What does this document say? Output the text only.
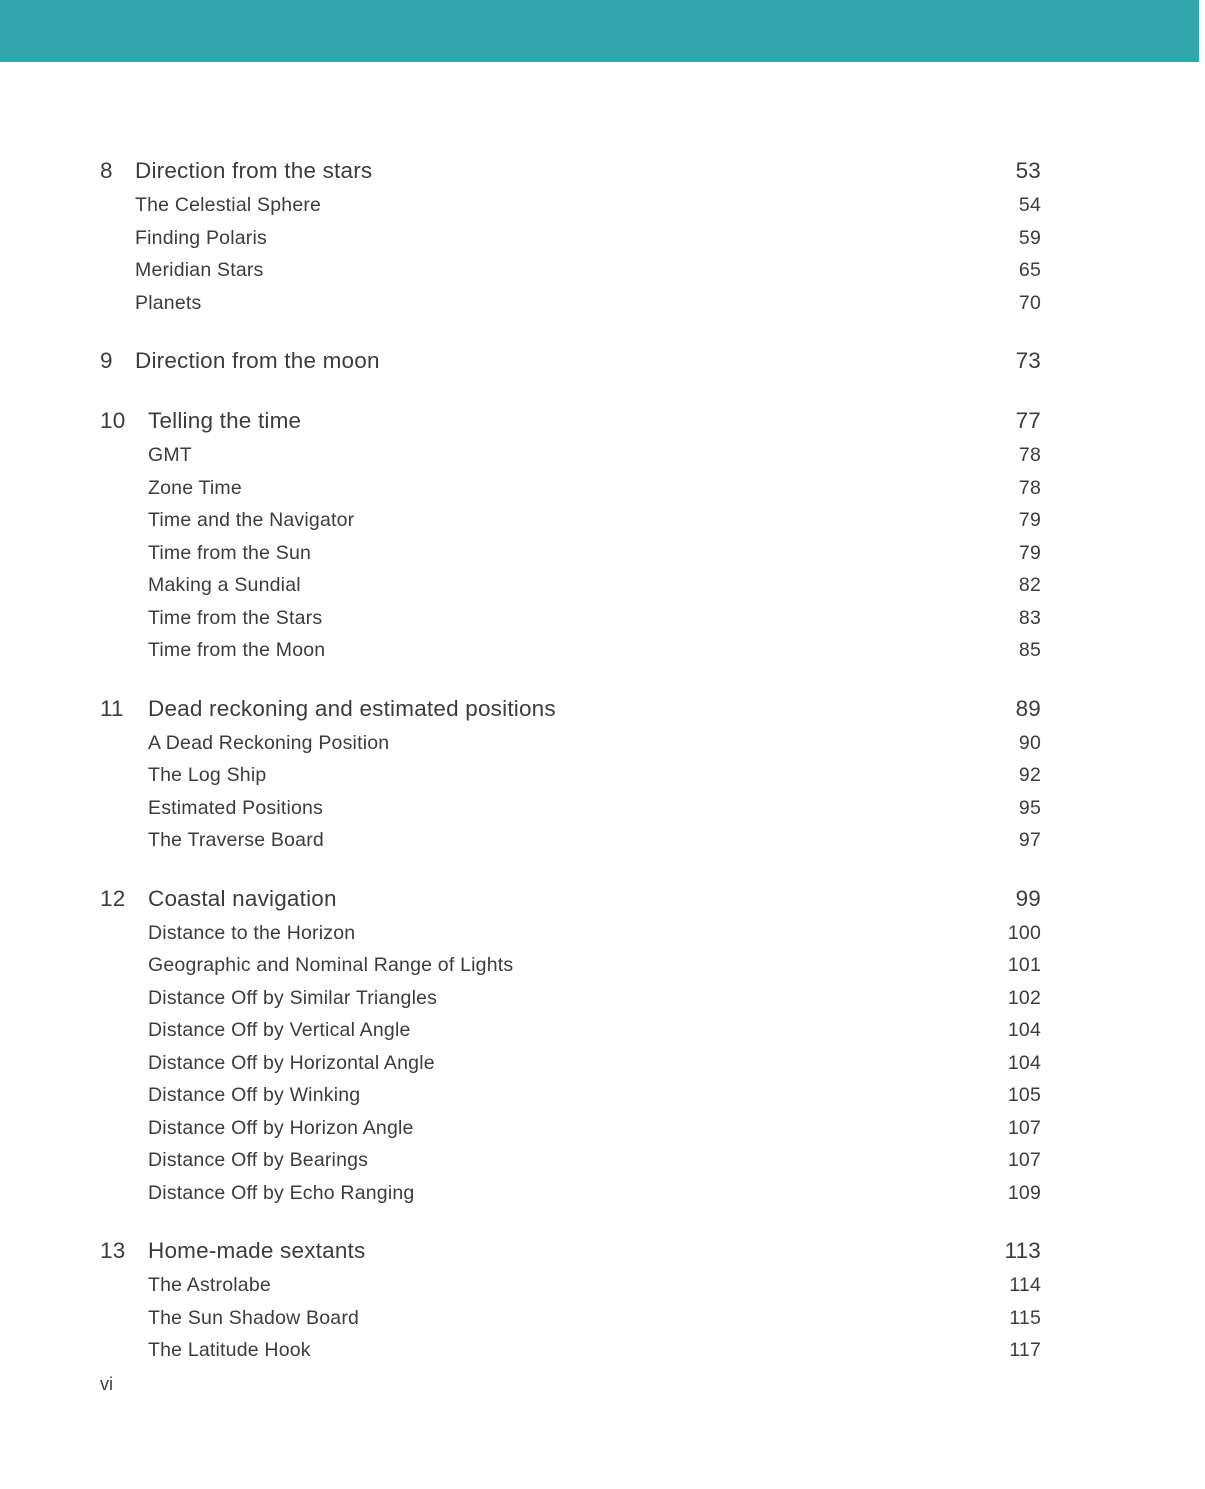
8 Direction from the stars	53
The Celestial Sphere	54
Finding Polaris	59
Meridian Stars	65
Planets	70
9 Direction from the moon	73
10	Telling the time	77
GMT	78
Zone Time	78
Time and the Navigator	79
Time from the Sun	79
Making a Sundial	82
Time from the Stars	83
Time from the Moon	85
11	Dead reckoning and estimated positions	89
A Dead Reckoning Position	90
The Log Ship	92
Estimated Positions	95
The Traverse Board	97
12	Coastal navigation	99
Distance to the Horizon	100
Geographic and Nominal Range of Lights	101
Distance Off by Similar Triangles	102
Distance Off by Vertical Angle	104
Distance Off by Horizontal Angle	104
Distance Off by Winking	105
Distance Off by Horizon Angle	107
Distance Off by Bearings	107
Distance Off by Echo Ranging	109
13	Home-made sextants	113
The Astrolabe	114
The Sun Shadow Board	115
The Latitude Hook	117
vi
